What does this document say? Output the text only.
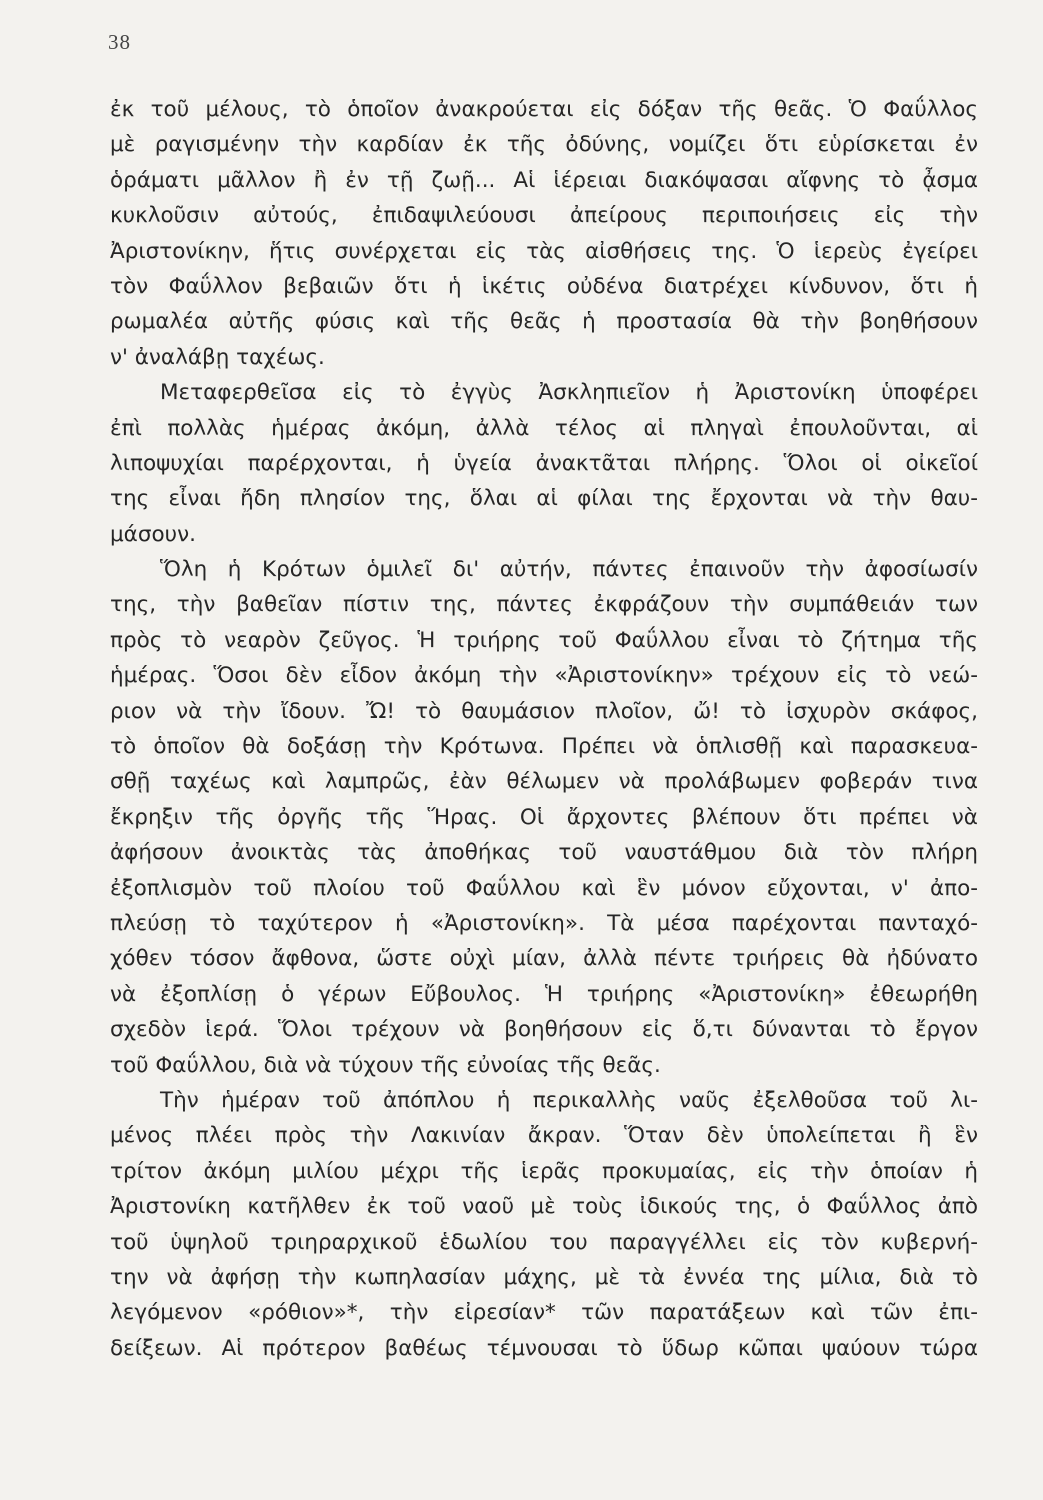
38
ἐκ τοῦ μέλους, τὸ ὁποῖον ἀνακρούεται εἰς δόξαν τῆς θεᾶς. Ὁ Φαΰλλος
μὲ ραγισμένην τὴν καρδίαν ἐκ τῆς ὀδύνης, νομίζει ὅτι εὑρίσκεται ἐν
ὁράματι μᾶλλον ἢ ἐν τῇ ζωῇ... Αἱ ἱέρειαι διακόψασαι αἴφνης τὸ ᾆσμα
κυκλοῦσιν αὐτούς, ἐπιδαψιλεύουσι ἀπείρους περιποιήσεις εἰς τὴν
Ἀριστονίκην, ἥτις συνέρχεται εἰς τὰς αἰσθήσεις της. Ὁ ἱερεὺς ἐγείρει
τὸν Φαΰλλον βεβαιῶν ὅτι ἡ ἱκέτις οὐδένα διατρέχει κίνδυνον, ὅτι ἡ
ρωμαλέα αὐτῆς φύσις καὶ τῆς θεᾶς ἡ προστασία θὰ τὴν βοηθήσουν
ν' ἀναλάβῃ ταχέως.
Μεταφερθεῖσα εἰς τὸ ἐγγὺς Ἀσκληπιεῖον ἡ Ἀριστονίκη ὑποφέρει
ἐπὶ πολλὰς ἡμέρας ἀκόμη, ἀλλὰ τέλος αἱ πληγαὶ ἐπουλοῦνται, αἱ
λιποψυχίαι παρέρχονται, ἡ ὑγεία ἀνακτᾶται πλήρης. Ὅλοι οἱ οἰκεῖοί
της εἶναι ἤδη πλησίον της, ὅλαι αἱ φίλαι της ἔρχονται νὰ τὴν θαυ-
μάσουν.
Ὅλη ἡ Κρότων ὁμιλεῖ δι' αὐτήν, πάντες ἐπαινοῦν τὴν ἀφοσίωσίν
της, τὴν βαθεῖαν πίστιν της, πάντες ἐκφράζουν τὴν συμπάθειάν των
πρὸς τὸ νεαρὸν ζεῦγος. Ἡ τριήρης τοῦ Φαΰλλου εἶναι τὸ ζήτημα τῆς
ἡμέρας. Ὅσοι δὲν εἶδον ἀκόμη τὴν «Ἀριστονίκην» τρέχουν εἰς τὸ νεώ-
ριον νὰ τὴν ἴδουν. Ὤ! τὸ θαυμάσιον πλοῖον, ὤ! τὸ ἰσχυρὸν σκάφος,
τὸ ὁποῖον θὰ δοξάσῃ τὴν Κρότωνα. Πρέπει νὰ ὁπλισθῇ καὶ παρασκευα-
σθῇ ταχέως καὶ λαμπρῶς, ἐὰν θέλωμεν νὰ προλάβωμεν φοβεράν τινα
ἔκρηξιν τῆς ὀργῆς τῆς Ἥρας. Οἱ ἄρχοντες βλέπουν ὅτι πρέπει νὰ
ἀφήσουν ἀνοικτὰς τὰς ἀποθήκας τοῦ ναυστάθμου διὰ τὸν πλήρη
ἐξοπλισμὸν τοῦ πλοίου τοῦ Φαΰλλου καὶ ἓν μόνον εὔχονται, ν' ἀπο-
πλεύσῃ τὸ ταχύτερον ἡ «Ἀριστονίκη». Τὰ μέσα παρέχονται πανταχό-
χόθεν τόσον ἄφθονα, ὥστε οὐχὶ μίαν, ἀλλὰ πέντε τριήρεις θὰ ἠδύνατο
νὰ ἐξοπλίσῃ ὁ γέρων Εὔβουλος. Ἡ τριήρης «Ἀριστονίκη» ἐθεωρήθη
σχεδὸν ἱερά. Ὅλοι τρέχουν νὰ βοηθήσουν εἰς ὅ,τι δύνανται τὸ ἔργον
τοῦ Φαΰλλου, διὰ νὰ τύχουν τῆς εὐνοίας τῆς θεᾶς.
Τὴν ἡμέραν τοῦ ἀπόπλου ἡ περικαλλὴς ναῦς ἐξελθοῦσα τοῦ λι-
μένος πλέει πρὸς τὴν Λακινίαν ἄκραν. Ὅταν δὲν ὑπολείπεται ἢ ἓν
τρίτον ἀκόμη μιλίου μέχρι τῆς ἱερᾶς προκυμαίας, εἰς τὴν ὁποίαν ἡ
Ἀριστονίκη κατῆλθεν ἐκ τοῦ ναοῦ μὲ τοὺς ἰδικούς της, ὁ Φαΰλλος ἀπὸ
τοῦ ὑψηλοῦ τριηραρχικοῦ ἑδωλίου του παραγγέλλει εἰς τὸν κυβερνή-
την νὰ ἀφήσῃ τὴν κωπηλασίαν μάχης, μὲ τὰ ἐννέα της μίλια, διὰ τὸ
λεγόμενον «ρόθιον»*, τὴν εἰρεσίαν* τῶν παρατάξεων καὶ τῶν ἐπι-
δείξεων. Αἱ πρότερον βαθέως τέμνουσαι τὸ ὕδωρ κῶπαι ψαύουν τώρα
